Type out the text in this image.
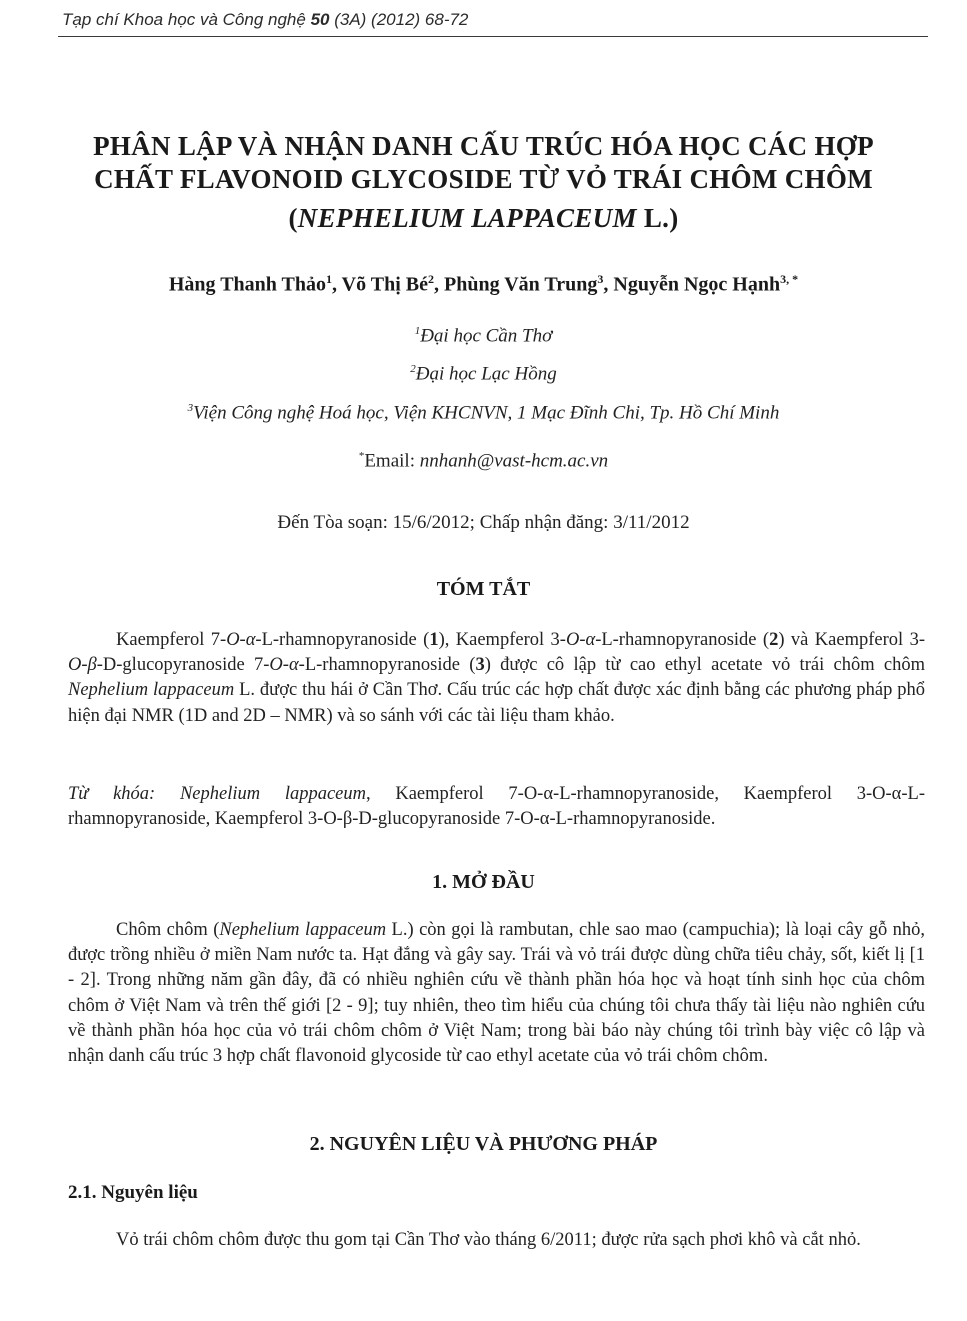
Tạp chí Khoa học và Công nghệ 50 (3A) (2012) 68-72
PHÂN LẬP VÀ NHẬN DANH CẤU TRÚC HÓA HỌC CÁC HỢP
CHẤT FLAVONOID GLYCOSIDE TỪ VỎ TRÁI CHÔM CHÔM
(NEPHELIUM LAPPACEUM L.)
Hàng Thanh Thảo$^1$, Võ Thị $Bé^2$, Phùng Văn Trung$^3$, Nguyễn Ngọc Hạnh$^{3, *}$
$^1$Đại học Cần Thơ
$^2$Đại học Lạc Hồng
$^3$Viện Công nghệ Hoá học, Viện KHCNVN, 1 Mạc Đĩnh Chi, Tp. Hồ Chí Minh
*Email: nnhanh@vast-hcm.ac.vn
Đến Tòa soạn: 15/6/2012; Chấp nhận đăng: 3/11/2012
TÓM TẮT

Kaempferol 7-O-α-L-rhamnopyranoside (1), Kaempferol 3-O-α-L-rhamnopyranoside (2) và Kaempferol 3-O-β-D-glucopyranoside 7-O-α-L-rhamnopyranoside (3) được cô lập từ cao ethyl acetate vỏ trái chôm chôm Nephelium lappaceum L. được thu hái ở Cần Thơ. Cấu trúc các hợp chất được xác định bằng các phương pháp phổ hiện đại NMR (1D and 2D – NMR) và so sánh với các tài liệu tham khảo.

Từ khóa: Nephelium lappaceum, Kaempferol 7-O-α-L-rhamnopyranoside, Kaempferol 3-O-α-L-rhamnopyranoside, Kaempferol 3-O-β-D-glucopyranoside 7-O-α-L-rhamnopyranoside.

1. MỞ ĐẦU

Chôm chôm (Nephelium lappaceum L.) còn gọi là rambutan, chle sao mao (campuchia); là loại cây gỗ nhỏ, được trồng nhiều ở miền Nam nước ta. Hạt đắng và gây say. Trái và vỏ trái được dùng chữa tiêu chảy, sốt, kiết lị [1 - 2]. Trong những năm gần đây, đã có nhiều nghiên cứu về thành phần hóa học và hoạt tính sinh học của chôm chôm ở Việt Nam và trên thế giới [2 - 9]; tuy nhiên, theo tìm hiểu của chúng tôi chưa thấy tài liệu nào nghiên cứu về thành phần hóa học của vỏ trái chôm chôm ở Việt Nam; trong bài báo này chúng tôi trình bày việc cô lập và nhận danh cấu trúc 3 hợp chất flavonoid glycoside từ cao ethyl acetate của vỏ trái chôm chôm.

2. NGUYÊN LIỆU VÀ PHƯƠNG PHÁP
2.1. Nguyên liệu

Vỏ trái chôm chôm được thu gom tại Cần Thơ vào tháng 6/2011; được rửa sạch phơi khô và cắt nhỏ.
